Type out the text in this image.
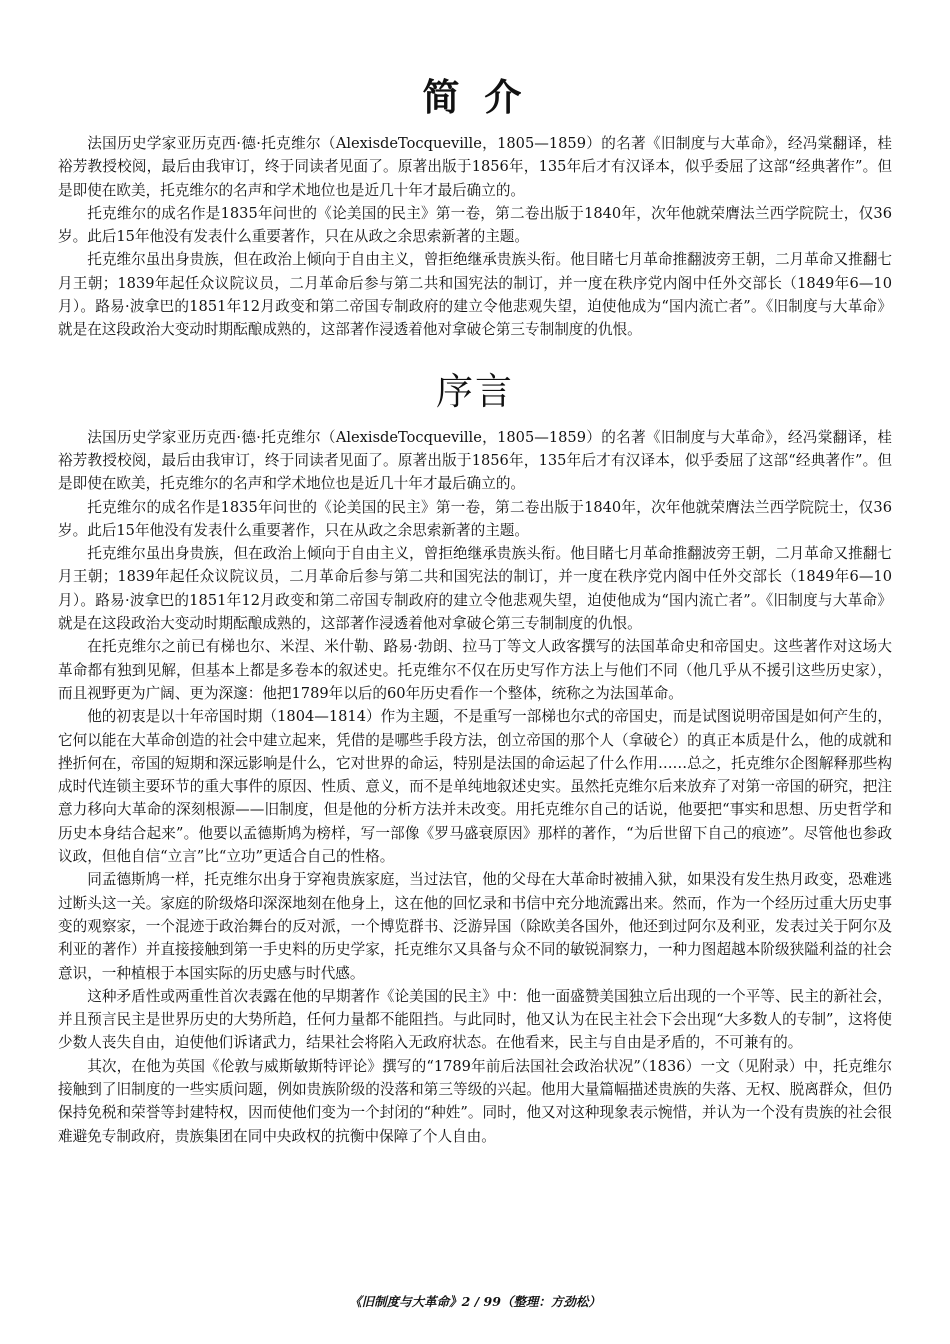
简 介

法国历史学家亚历克西·德·托克维尔（AlexisdeTocqueville，1805—1859）的名著《旧制度与大革命》，经冯棠翻译，桂裕芳教授校阅，最后由我审订，终于同读者见面了。原著出版于1856年，135年后才有汉译本，似乎委屈了这部“经典著作”。但是即使在欧美，托克维尔的名声和学术地位也是近几十年才最后确立的。

托克维尔的成名作是1835年问世的《论美国的民主》第一卷，第二卷出版于1840年，次年他就荣膺法兰西学院院士，仅36岁。此后15年他没有发表什么重要著作，只在从政之余思索新著的主题。

托克维尔虽出身贵族，但在政治上倾向于自由主义，曾拒绝继承贵族头衔。他目睹七月革命推翻波旁王朝，二月革命又推翻七月王朝；1839年起任众议院议员，二月革命后参与第二共和国宪法的制订，并一度在秩序党内阁中任外交部长（1849年6—10月）。路易·波拿巴的1851年12月政变和第二帝国专制政府的建立令他悲观失望，迫使他成为“国内流亡者”。《旧制度与大革命》就是在这段政治大变动时期酝酿成熟的，这部著作浸透着他对拿破仑第三专制制度的仇恨。

序言

法国历史学家亚历克西·德·托克维尔（AlexisdeTocqueville，1805—1859）的名著《旧制度与大革命》，经冯棠翻译，桂裕芳教授校阅，最后由我审订，终于同读者见面了。原著出版于1856年，135年后才有汉译本，似乎委屈了这部“经典著作”。但是即使在欧美，托克维尔的名声和学术地位也是近几十年才最后确立的。

托克维尔的成名作是1835年问世的《论美国的民主》第一卷，第二卷出版于1840年，次年他就荣膺法兰西学院院士，仅36岁。此后15年他没有发表什么重要著作，只在从政之余思索新著的主题。

托克维尔虽出身贵族，但在政治上倾向于自由主义，曾拒绝继承贵族头衔。他目睹七月革命推翻波旁王朝，二月革命又推翻七月王朝；1839年起任众议院议员，二月革命后参与第二共和国宪法的制订，并一度在秩序党内阁中任外交部长（1849年6—10月）。路易·波拿巴的1851年12月政变和第二帝国专制政府的建立令他悲观失望，迫使他成为“国内流亡者”。《旧制度与大革命》就是在这段政治大变动时期酝酿成熟的，这部著作浸透着他对拿破仑第三专制制度的仇恨。

在托克维尔之前已有梯也尔、米涅、米什勒、路易·勃朗、拉马丁等文人政客撰写的法国革命史和帝国史。这些著作对这场大革命都有独到见解，但基本上都是多卷本的叙述史。托克维尔不仅在历史写作方法上与他们不同（他几乎从不援引这些历史家），而且视野更为广阔、更为深邃：他把1789年以后的60年历史看作一个整体，统称之为法国革命。

他的初衷是以十年帝国时期（1804—1814）作为主题，不是重写一部梯也尔式的帝国史，而是试图说明帝国是如何产生的，它何以能在大革命创造的社会中建立起来，凭借的是哪些手段方法，创立帝国的那个人（拿破仑）的真正本质是什么，他的成就和挫折何在，帝国的短期和深远影响是什么，它对世界的命运，特别是法国的命运起了什么作用……总之，托克维尔企图解释那些构成时代连锁主要环节的重大事件的原因、性质、意义，而不是单纯地叙述史实。虽然托克维尔后来放弃了对第一帝国的研究，把注意力移向大革命的深刻根源——旧制度，但是他的分析方法并未改变。用托克维尔自己的话说，他要把“事实和思想、历史哲学和历史本身结合起来”。他要以孟德斯鸠为榜样，写一部像《罗马盛衰原因》那样的著作，“为后世留下自己的痕迹”。尽管他也参政议政，但他自信“立言”比“立功”更适合自己的性格。

同孟德斯鸠一样，托克维尔出身于穿袍贵族家庭，当过法官，他的父母在大革命时被捕入狱，如果没有发生热月政变，恐难逃过断头这一关。家庭的阶级烙印深深地刻在他身上，这在他的回忆录和书信中充分地流露出来。然而，作为一个经历过重大历史事变的观察家，一个混迹于政治舞台的反对派，一个博览群书、泛游异国（除欧美各国外，他还到过阿尔及利亚，发表过关于阿尔及利亚的著作）并直接接触到第一手史料的历史学家，托克维尔又具备与众不同的敏锐洞察力，一种力图超越本阶级狭隘利益的社会意识，一种植根于本国实际的历史感与时代感。

这种矛盾性或两重性首次表露在他的早期著作《论美国的民主》中：他一面盛赞美国独立后出现的一个平等、民主的新社会，并且预言民主是世界历史的大势所趋，任何力量都不能阻挡。与此同时，他又认为在民主社会下会出现“大多数人的专制”，这将使少数人丧失自由，迫使他们诉诸武力，结果社会将陷入无政府状态。在他看来，民主与自由是矛盾的，不可兼有的。

其次，在他为英国《伦敦与威斯敏斯特评论》撰写的“1789年前后法国社会政治状况”（1836）一文（见附录）中，托克维尔接触到了旧制度的一些实质问题，例如贵族阶级的没落和第三等级的兴起。他用大量篇幅描述贵族的失落、无权、脱离群众，但仍保持免税和荣誉等封建特权，因而使他们变为一个封闭的“种姓”。同时，他又对这种现象表示惋惜，并认为一个没有贵族的社会很难避免专制政府，贵族集团在同中央政权的抗衡中保障了个人自由。

《旧制度与大革命》2 / 99（整理：方劲松）
